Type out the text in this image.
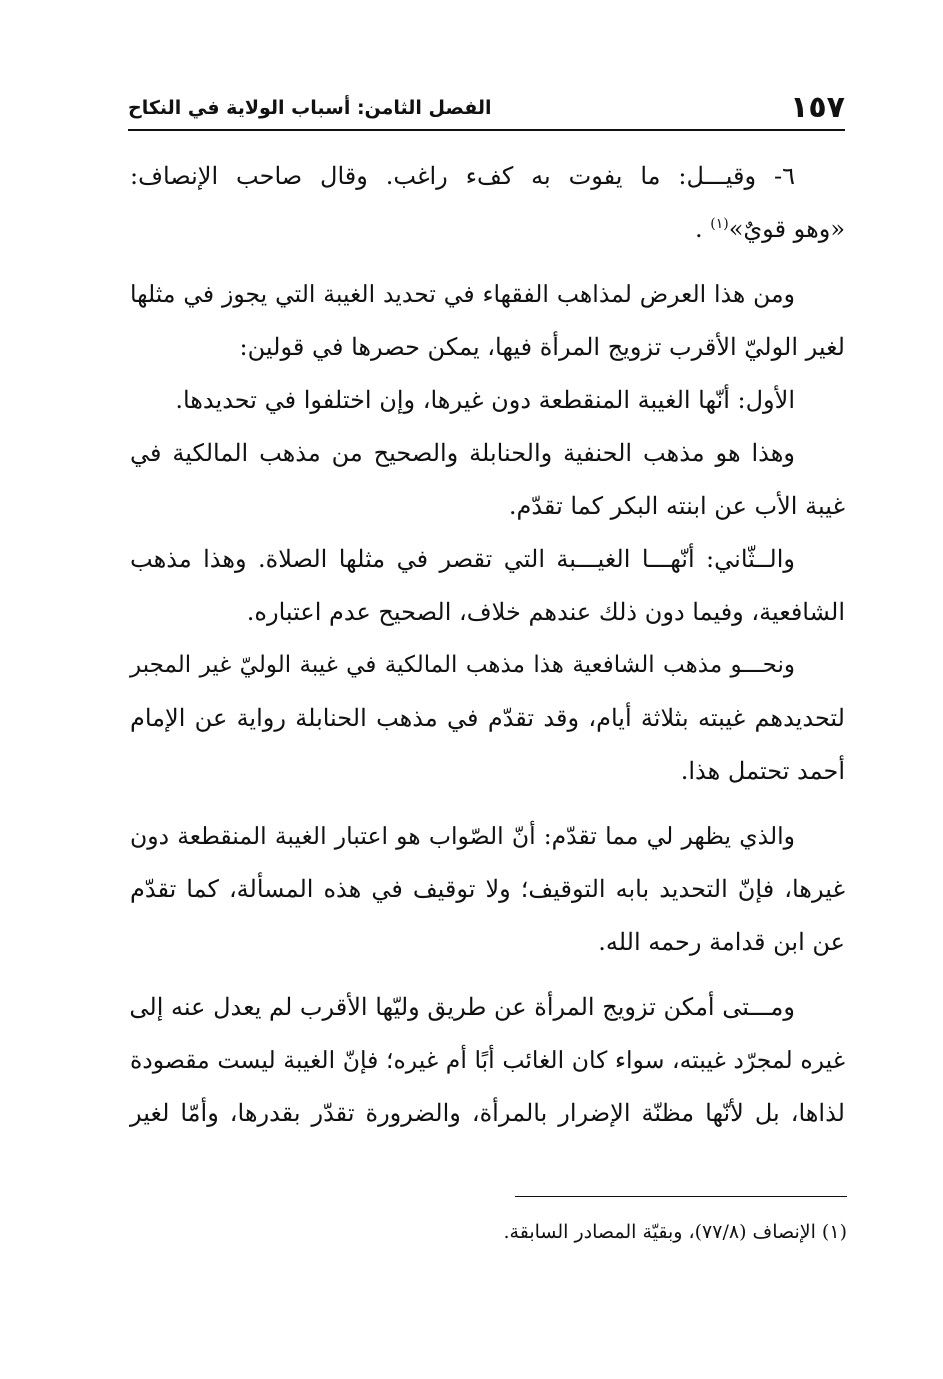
١٥٧
الفصل الثامن: أسباب الولاية في النكاح
٦- وقيـــل: ما يفوت به كفء راغب. وقال صاحب الإنصاف:
«وهو قويٌ»$^{(١)}$ .
ومن هذا العرض لمذاهب الفقهاء في تحديد الغيبة التي يجوز في مثلها
لغير الوليّ الأقرب تزويج المرأة فيها، يمكن حصرها في قولين:
الأول: أنّها الغيبة المنقطعة دون غيرها، وإن اختلفوا في تحديدها.
وهذا هو مذهب الحنفية والحنابلة والصحيح من مذهب المالكية في
غيبة الأب عن ابنته البكر كما تقدّم.
والــثّاني: أنّهـــا الغيـــبة التي تقصر في مثلها الصلاة. وهذا مذهب
الشافعية، وفيما دون ذلك عندهم خلاف، الصحيح عدم اعتباره.
ونحـــو مذهب الشافعية هذا مذهب المالكية في غيبة الوليّ غير المجبر
لتحديدهم غيبته بثلاثة أيام، وقد تقدّم في مذهب الحنابلة رواية عن الإمام
أحمد تحتمل هذا.
والذي يظهر لي مما تقدّم: أنّ الصّواب هو اعتبار الغيبة المنقطعة دون
غيرها، فإنّ التحديد بابه التوقيف؛ ولا توقيف في هذه المسألة، كما تقدّم
عن ابن قدامة رحمه الله.
ومـــتى أمكن تزويج المرأة عن طريق وليّها الأقرب لم يعدل عنه إلى
غيره لمجرّد غيبته، سواء كان الغائب أبًا أم غيره؛ فإنّ الغيبة ليست مقصودة
لذاها، بل لأنّها مظنّة الإضرار بالمرأة، والضرورة تقدّر بقدرها، وأمّا لغير
(١) الإنصاف (٧٧/٨)، وبقيّة المصادر السابقة.
